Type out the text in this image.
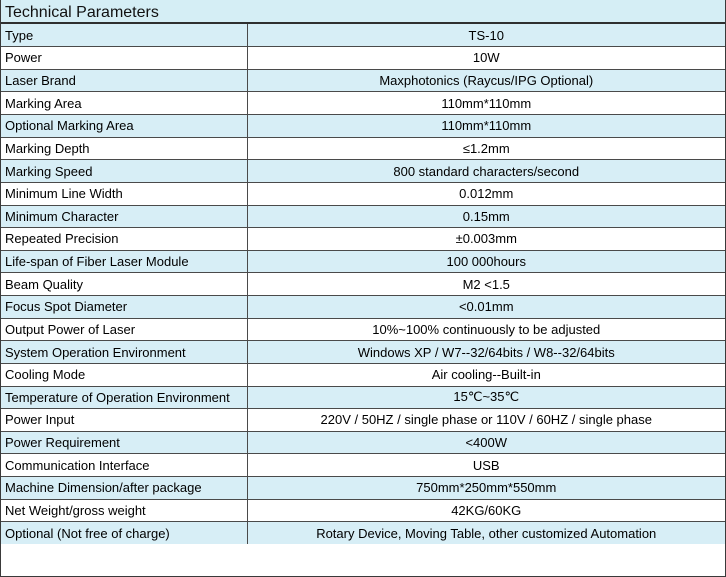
Technical Parameters
Type	TS-10
Power	10W
Laser Brand	Maxphotonics (Raycus/IPG Optional)
Marking Area	110mm*110mm
Optional Marking Area	110mm*110mm
Marking Depth	≤1.2mm
Marking Speed	800 standard characters/second
Minimum Line Width	0.012mm
Minimum Character	0.15mm
Repeated Precision	±0.003mm
Life-span of Fiber Laser Module	100 000hours
Beam Quality	M2 <1.5
Focus Spot Diameter	<0.01mm
Output Power of Laser	10%~100% continuously to be adjusted
System Operation Environment	Windows XP / W7--32/64bits / W8--32/64bits
Cooling Mode	Air cooling--Built-in
Temperature of Operation Environment	15℃~35℃
Power Input	220V / 50HZ / single phase or 110V / 60HZ / single phase
Power Requirement	<400W
Communication Interface	USB
Machine Dimension/after package	750mm*250mm*550mm
Net Weight/gross weight	42KG/60KG
Optional (Not free of charge)	Rotary Device, Moving Table, other customized Automation
